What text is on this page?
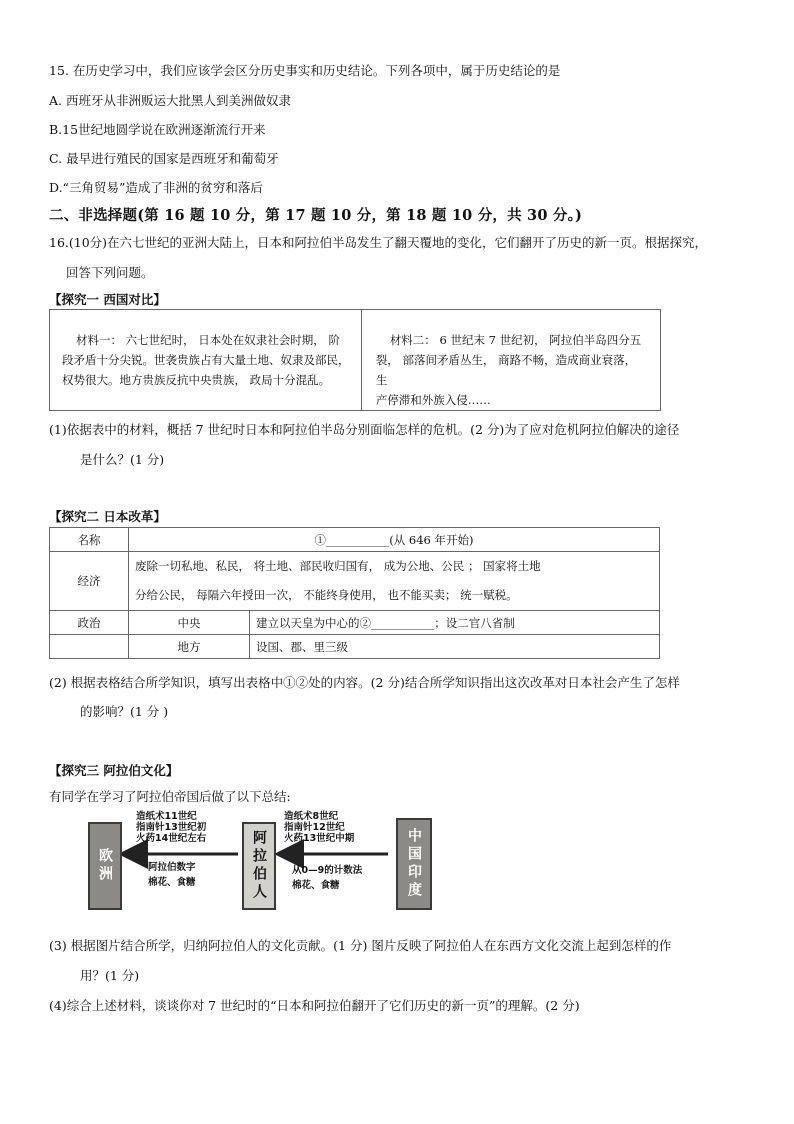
15. 在历史学习中，我们应该学会区分历史事实和历史结论。下列各项中，属于历史结论的是
A. 西班牙从非洲贩运大批黑人到美洲做奴隶
B.15世纪地圆学说在欧洲逐渐流行开来
C. 最早进行殖民的国家是西班牙和葡萄牙
D.“三角贸易”造成了非洲的贫穷和落后
二、非选择题(第 16 题 10 分，第 17 题 10 分，第 18 题 10 分，共 30 分。)
16.(10分)在六七世纪的亚洲大陆上，日本和阿拉伯半岛发生了翻天覆地的变化，它们翻开了历史的新一页。根据探究，
回答下列问题。
【探究一 西国对比】
材料一： 六七世纪时， 日本处在奴隶社会时期， 阶
段矛盾十分尖锐。世袭贵族占有大量土地、奴隶及部民，
权势很大。地方贵族反抗中央贵族， 政局十分混乱。

材料二： 6 世纪末 7 世纪初， 阿拉伯半岛四分五
裂， 部落间矛盾丛生， 商路不畅，造成商业衰落， 生
产停滞和外族入侵……
(1)依据表中的材料，概括 7 世纪时日本和阿拉伯半岛分别面临怎样的危机。(2 分)为了应对危机阿拉伯解决的途径
是什么？(1 分)
【探究二 日本改革】
名称	①___________(从 646 年开始)	
经济	废除一切私地、私民， 将土地、部民收归国有， 成为公地、公民 ； 国家将土地
分给公民， 每隔六年授田一次， 不能终身使用， 也不能买卖； 统一赋税。	

政治	中央	建立以天皇为中心的②___________；设二官八省制
	地方	设国、郡、里三级
(2) 根据表格结合所学知识，填写出表格中①②处的内容。(2 分)结合所学知识指出这次改革对日本社会产生了怎样
的影响？(1 分 )
【探究三 阿拉伯文化】
有同学在学习了阿拉伯帝国后做了以下总结:
欧洲	阿拉伯人	中国印度
造纸术11世纪
指南针13世纪初
火药14世纪左右
阿拉伯数字
棉花、食糖
造纸术8世纪
指南针12世纪
火药13世纪中期
从0—9的计数法
棉花、食糖
(3) 根据图片结合所学，归纳阿拉伯人的文化贡献。(1 分) 图片反映了阿拉伯人在东西方文化交流上起到怎样的作
用？(1 分)
(4)综合上述材料，谈谈你对 7 世纪时的“日本和阿拉伯翻开了它们历史的新一页”的理解。(2 分)
